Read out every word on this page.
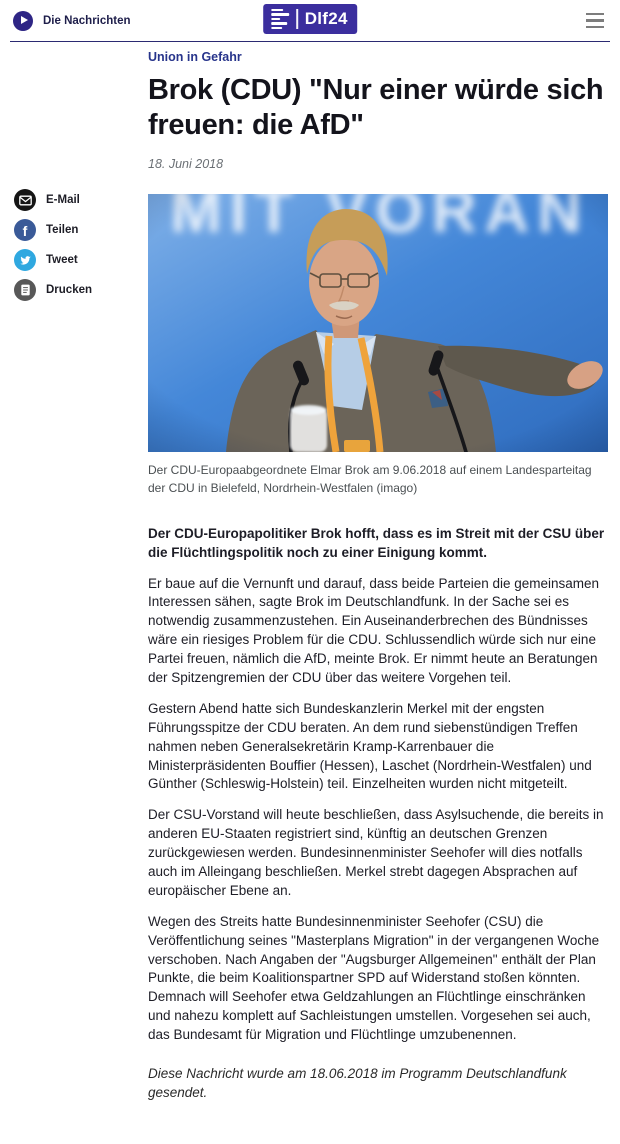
Die Nachrichten	Dlf24
E-Mail
f Teilen
Tweet
Drucken
Union in Gefahr
Brok (CDU) "Nur einer würde sich freuen: die AfD"
18. Juni 2018
Der CDU-Europaabgeordnete Elmar Brok am 9.06.2018 auf einem Landesparteitag der CDU in Bielefeld, Nordrhein-Westfalen (imago)

Der CDU-Europapolitiker Brok hofft, dass es im Streit mit der CSU über die Flüchtlingspolitik noch zu einer Einigung kommt.

Er baue auf die Vernunft und darauf, dass beide Parteien die gemeinsamen Interessen sähen, sagte Brok im Deutschlandfunk. In der Sache sei es notwendig zusammenzustehen. Ein Auseinanderbrechen des Bündnisses wäre ein riesiges Problem für die CDU. Schlussendlich würde sich nur eine Partei freuen, nämlich die AfD, meinte Brok. Er nimmt heute an Beratungen der Spitzengremien der CDU über das weitere Vorgehen teil.

Gestern Abend hatte sich Bundeskanzlerin Merkel mit der engsten Führungsspitze der CDU beraten. An dem rund siebenstündigen Treffen nahmen neben Generalsekretärin Kramp-Karrenbauer die Ministerpräsidenten Bouffier (Hessen), Laschet (Nordrhein-Westfalen) und Günther (Schleswig-Holstein) teil. Einzelheiten wurden nicht mitgeteilt.

Der CSU-Vorstand will heute beschließen, dass Asylsuchende, die bereits in anderen EU-Staaten registriert sind, künftig an deutschen Grenzen zurückgewiesen werden. Bundesinnenminister Seehofer will dies notfalls auch im Alleingang beschließen. Merkel strebt dagegen Absprachen auf europäischer Ebene an.

Wegen des Streits hatte Bundesinnenminister Seehofer (CSU) die Veröffentlichung seines "Masterplans Migration" in der vergangenen Woche verschoben. Nach Angaben der "Augsburger Allgemeinen" enthält der Plan Punkte, die beim Koalitionspartner SPD auf Widerstand stoßen könnten. Demnach will Seehofer etwa Geldzahlungen an Flüchtlinge einschränken und nahezu komplett auf Sachleistungen umstellen. Vorgesehen sei auch, das Bundesamt für Migration und Flüchtlinge umzubenennen.

Diese Nachricht wurde am 18.06.2018 im Programm Deutschlandfunk gesendet.
